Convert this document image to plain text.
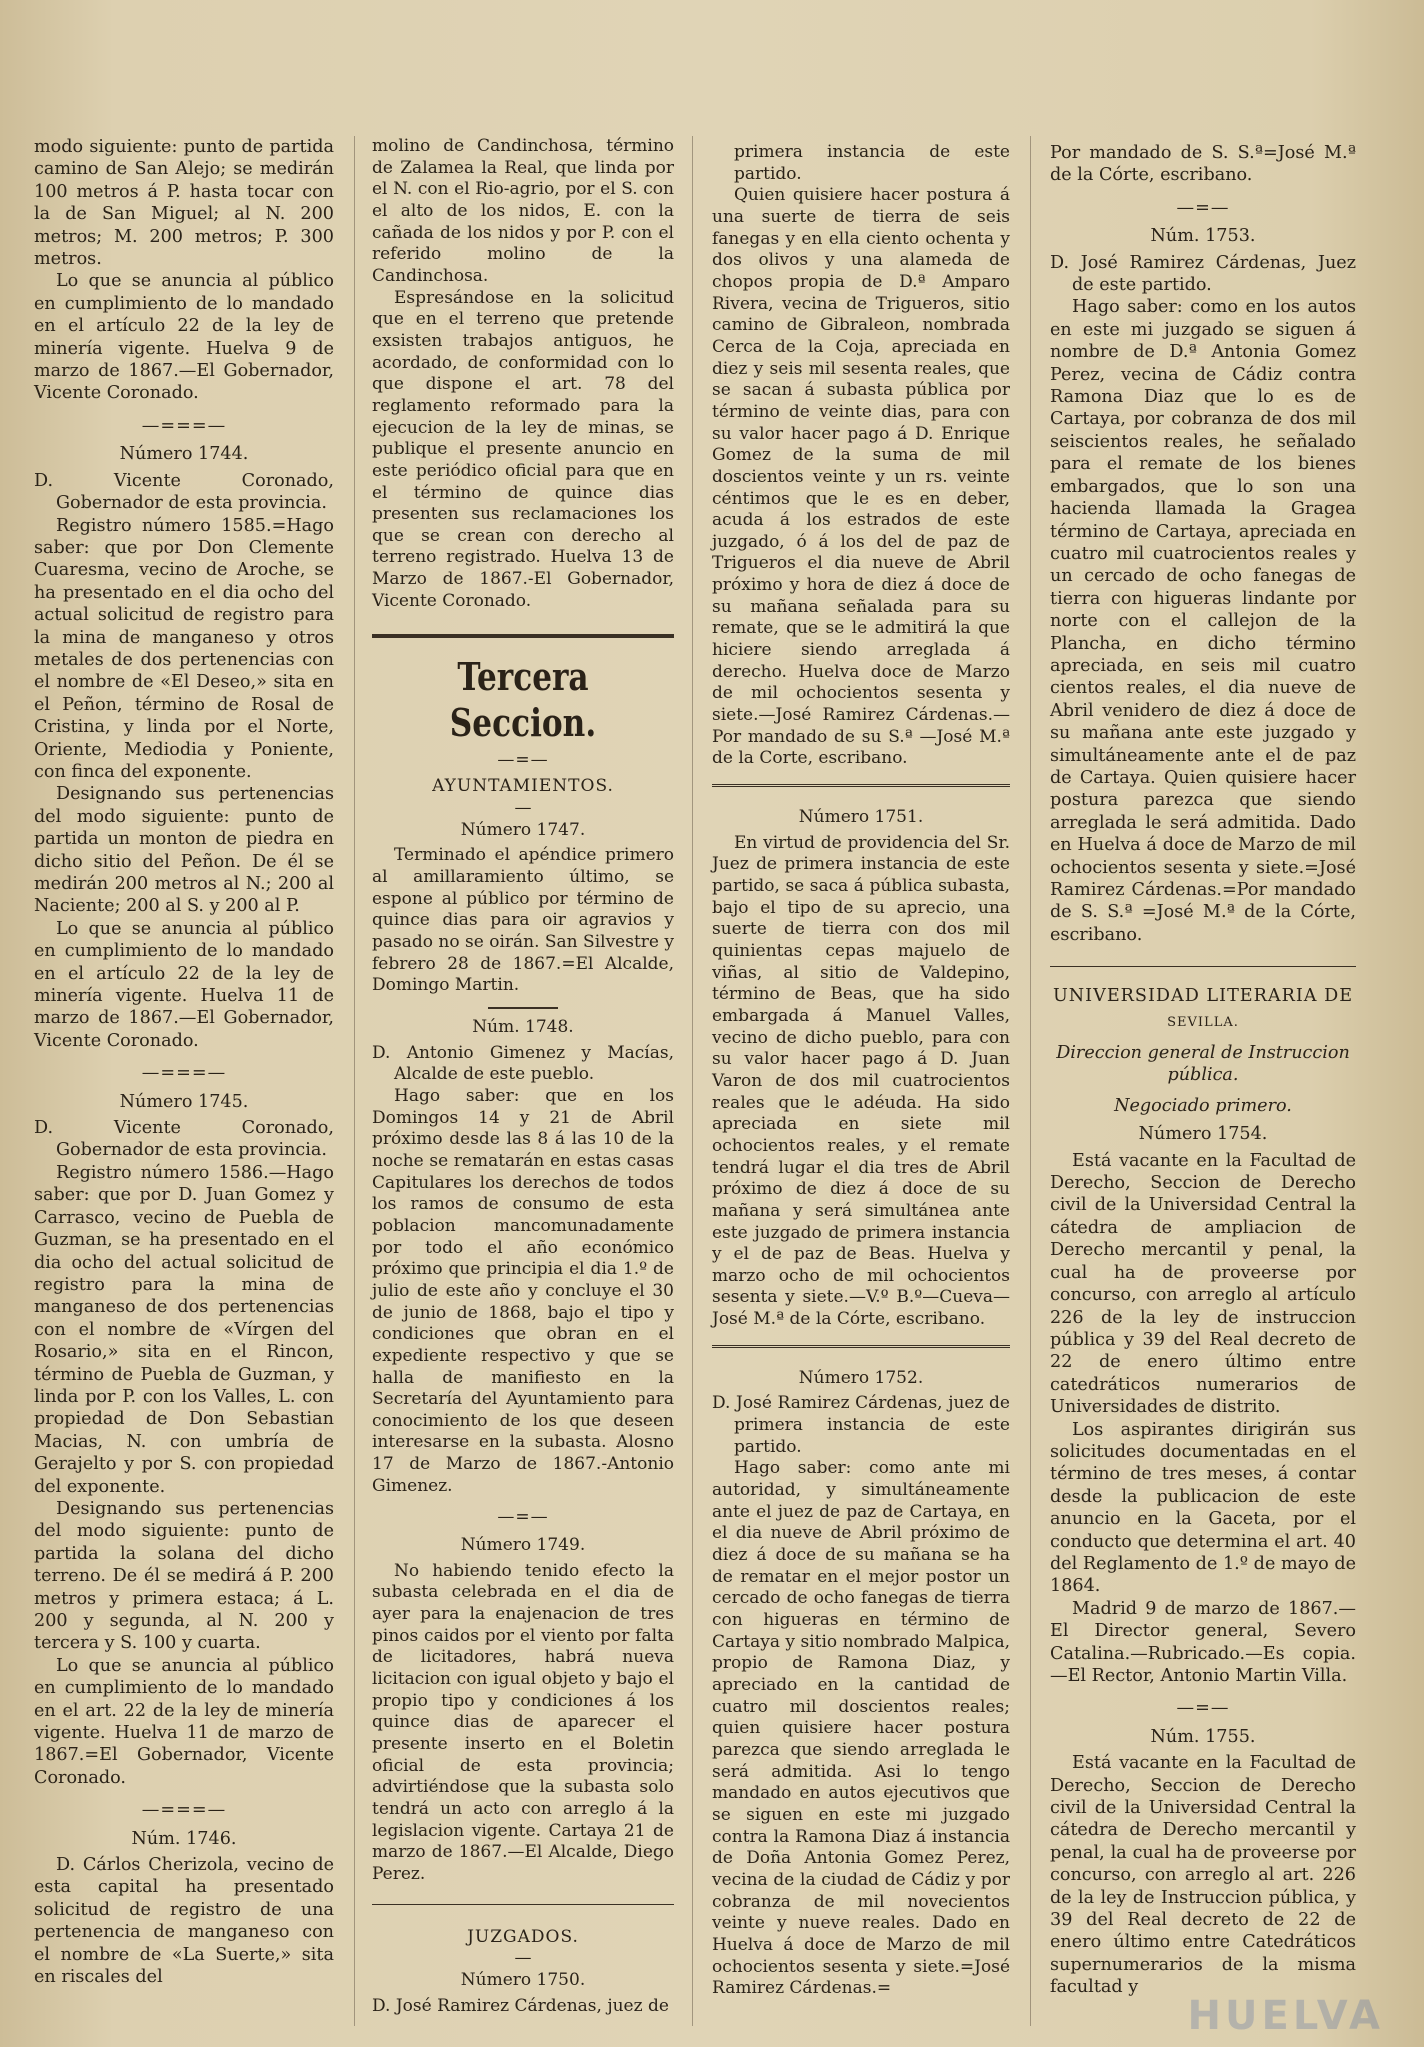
modo siguiente: punto de partida camino de San Alejo; se medirán 100 metros á P. hasta tocar con la de San Miguel; al N. 200 metros; M. 200 metros; P. 300 metros.

Lo que se anuncia al público en cumplimiento de lo mandado en el artículo 22 de la ley de minería vigente. Huelva 9 de marzo de 1867.—El Gobernador, Vicente Coronado.

—===—
Número 1744.

D. Vicente Coronado, Gobernador de esta provincia.

Registro número 1585.=Hago saber: que por Don Clemente Cuaresma, vecino de Aroche, se ha presentado en el dia ocho del actual solicitud de registro para la mina de manganeso y otros metales de dos pertenencias con el nombre de «El Deseo,» sita en el Peñon, término de Rosal de Cristina, y linda por el Norte, Oriente, Mediodia y Poniente, con finca del exponente.

Designando sus pertenencias del modo siguiente: punto de partida un monton de piedra en dicho sitio del Peñon. De él se medirán 200 metros al N.; 200 al Naciente; 200 al S. y 200 al P.

Lo que se anuncia al público en cumplimiento de lo mandado en el artículo 22 de la ley de minería vigente. Huelva 11 de marzo de 1867.—El Gobernador, Vicente Coronado.

—===—
Número 1745.

D. Vicente Coronado, Gobernador de esta provincia.

Registro número 1586.—Hago saber: que por D. Juan Gomez y Carrasco, vecino de Puebla de Guzman, se ha presentado en el dia ocho del actual solicitud de registro para la mina de manganeso de dos pertenencias con el nombre de «Vírgen del Rosario,» sita en el Rincon, término de Puebla de Guzman, y linda por P. con los Valles, L. con propiedad de Don Sebastian Macias, N. con umbría de Gerajelto y por S. con propiedad del exponente.

Designando sus pertenencias del modo siguiente: punto de partida la solana del dicho terreno. De él se medirá á P. 200 metros y primera estaca; á L. 200 y segunda, al N. 200 y tercera y S. 100 y cuarta.

Lo que se anuncia al público en cumplimiento de lo mandado en el art. 22 de la ley de minería vigente. Huelva 11 de marzo de 1867.=El Gobernador, Vicente Coronado.

—===—
Núm. 1746.

D. Cárlos Cherizola, vecino de esta capital ha presentado solicitud de registro de una pertenencia de manganeso con el nombre de «La Suerte,» sita en riscales del

molino de Candinchosa, término de Zalamea la Real, que linda por el N. con el Rio-agrio, por el S. con el alto de los nidos, E. con la cañada de los nidos y por P. con el referido molino de la Candinchosa.

Espresándose en la solicitud que en el terreno que pretende exsisten trabajos antiguos, he acordado, de conformidad con lo que dispone el art. 78 del reglamento reformado para la ejecucion de la ley de minas, se publique el presente anuncio en este periódico oficial para que en el término de quince dias presenten sus reclamaciones los que se crean con derecho al terreno registrado. Huelva 13 de Marzo de 1867.-El Gobernador, Vicente Coronado.

Tercera Seccion.
—=—
AYUNTAMIENTOS.
—
Número 1747.

Terminado el apéndice primero al amillaramiento último, se espone al público por término de quince dias para oir agravios y pasado no se oirán. San Silvestre y febrero 28 de 1867.=El Alcalde, Domingo Martin.

Núm. 1748.

D. Antonio Gimenez y Macías, Alcalde de este pueblo.

Hago saber: que en los Domingos 14 y 21 de Abril próximo desde las 8 á las 10 de la noche se rematarán en estas casas Capitulares los derechos de todos los ramos de consumo de esta poblacion mancomunadamente por todo el año económico próximo que principia el dia 1.º de julio de este año y concluye el 30 de junio de 1868, bajo el tipo y condiciones que obran en el expediente respectivo y que se halla de manifiesto en la Secretaría del Ayuntamiento para conocimiento de los que deseen interesarse en la subasta. Alosno 17 de Marzo de 1867.-Antonio Gimenez.

—=—
Número 1749.

No habiendo tenido efecto la subasta celebrada en el dia de ayer para la enajenacion de tres pinos caidos por el viento por falta de licitadores, habrá nueva licitacion con igual objeto y bajo el propio tipo y condiciones á los quince dias de aparecer el presente inserto en el Boletin oficial de esta provincia; advirtiéndose que la subasta solo tendrá un acto con arreglo á la legislacion vigente. Cartaya 21 de marzo de 1867.—El Alcalde, Diego Perez.

JUZGADOS.
—
Número 1750.

D. José Ramirez Cárdenas, juez de

primera instancia de este partido.

Quien quisiere hacer postura á una suerte de tierra de seis fanegas y en ella ciento ochenta y dos olivos y una alameda de chopos propia de D.ª Amparo Rivera, vecina de Trigueros, sitio camino de Gibraleon, nombrada Cerca de la Coja, apreciada en diez y seis mil sesenta reales, que se sacan á subasta pública por término de veinte dias, para con su valor hacer pago á D. Enrique Gomez de la suma de mil doscientos veinte y un rs. veinte céntimos que le es en deber, acuda á los estrados de este juzgado, ó á los del de paz de Trigueros el dia nueve de Abril próximo y hora de diez á doce de su mañana señalada para su remate, que se le admitirá la que hiciere siendo arreglada á derecho. Huelva doce de Marzo de mil ochocientos sesenta y siete.—José Ramirez Cárdenas.—Por mandado de su S.ª —José M.ª de la Corte, escribano.

Número 1751.

En virtud de providencia del Sr. Juez de primera instancia de este partido, se saca á pública subasta, bajo el tipo de su aprecio, una suerte de tierra con dos mil quinientas cepas majuelo de viñas, al sitio de Valdepino, término de Beas, que ha sido embargada á Manuel Valles, vecino de dicho pueblo, para con su valor hacer pago á D. Juan Varon de dos mil cuatrocientos reales que le adéuda. Ha sido apreciada en siete mil ochocientos reales, y el remate tendrá lugar el dia tres de Abril próximo de diez á doce de su mañana y será simultánea ante este juzgado de primera instancia y el de paz de Beas. Huelva y marzo ocho de mil ochocientos sesenta y siete.—V.º B.º—Cueva—José M.ª de la Córte, escribano.

Número 1752.

D. José Ramirez Cárdenas, juez de primera instancia de este partido.

Hago saber: como ante mi autoridad, y simultáneamente ante el juez de paz de Cartaya, en el dia nueve de Abril próximo de diez á doce de su mañana se ha de rematar en el mejor postor un cercado de ocho fanegas de tierra con higueras en término de Cartaya y sitio nombrado Malpica, propio de Ramona Diaz, y apreciado en la cantidad de cuatro mil doscientos reales; quien quisiere hacer postura parezca que siendo arreglada le será admitida. Asi lo tengo mandado en autos ejecutivos que se siguen en este mi juzgado contra la Ramona Diaz á instancia de Doña Antonia Gomez Perez, vecina de la ciudad de Cádiz y por cobranza de mil novecientos veinte y nueve reales. Dado en Huelva á doce de Marzo de mil ochocientos sesenta y siete.=José Ramirez Cárdenas.=

Por mandado de S. S.ª=José M.ª de la Córte, escribano.

—=—
Núm. 1753.

D. José Ramirez Cárdenas, Juez de este partido.

Hago saber: como en los autos en este mi juzgado se siguen á nombre de D.ª Antonia Gomez Perez, vecina de Cádiz contra Ramona Diaz que lo es de Cartaya, por cobranza de dos mil seiscientos reales, he señalado para el remate de los bienes embargados, que lo son una hacienda llamada la Gragea término de Cartaya, apreciada en cuatro mil cuatrocientos reales y un cercado de ocho fanegas de tierra con higueras lindante por norte con el callejon de la Plancha, en dicho término apreciada, en seis mil cuatro cientos reales, el dia nueve de Abril venidero de diez á doce de su mañana ante este juzgado y simultáneamente ante el de paz de Cartaya. Quien quisiere hacer postura parezca que siendo arreglada le será admitida. Dado en Huelva á doce de Marzo de mil ochocientos sesenta y siete.=José Ramirez Cárdenas.=Por mandado de S. S.ª =José M.ª de la Córte, escribano.

UNIVERSIDAD LITERARIA DE
SEVILLA.
Direccion general de Instruccion pública.
Negociado primero.
Número 1754.

Está vacante en la Facultad de Derecho, Seccion de Derecho civil de la Universidad Central la cátedra de ampliacion de Derecho mercantil y penal, la cual ha de proveerse por concurso, con arreglo al artículo 226 de la ley de instruccion pública y 39 del Real decreto de 22 de enero último entre catedráticos numerarios de Universidades de distrito.

Los aspirantes dirigirán sus solicitudes documentadas en el término de tres meses, á contar desde la publicacion de este anuncio en la Gaceta, por el conducto que determina el art. 40 del Reglamento de 1.º de mayo de 1864.

Madrid 9 de marzo de 1867.—El Director general, Severo Catalina.—Rubricado.—Es copia.—El Rector, Antonio Martin Villa.

—=—
Núm. 1755.

Está vacante en la Facultad de Derecho, Seccion de Derecho civil de la Universidad Central la cátedra de Derecho mercantil y penal, la cual ha de proveerse por concurso, con arreglo al art. 226 de la ley de Instruccion pública, y 39 del Real decreto de 22 de enero último entre Catedráticos supernumerarios de la misma facultad y

HUELVA
